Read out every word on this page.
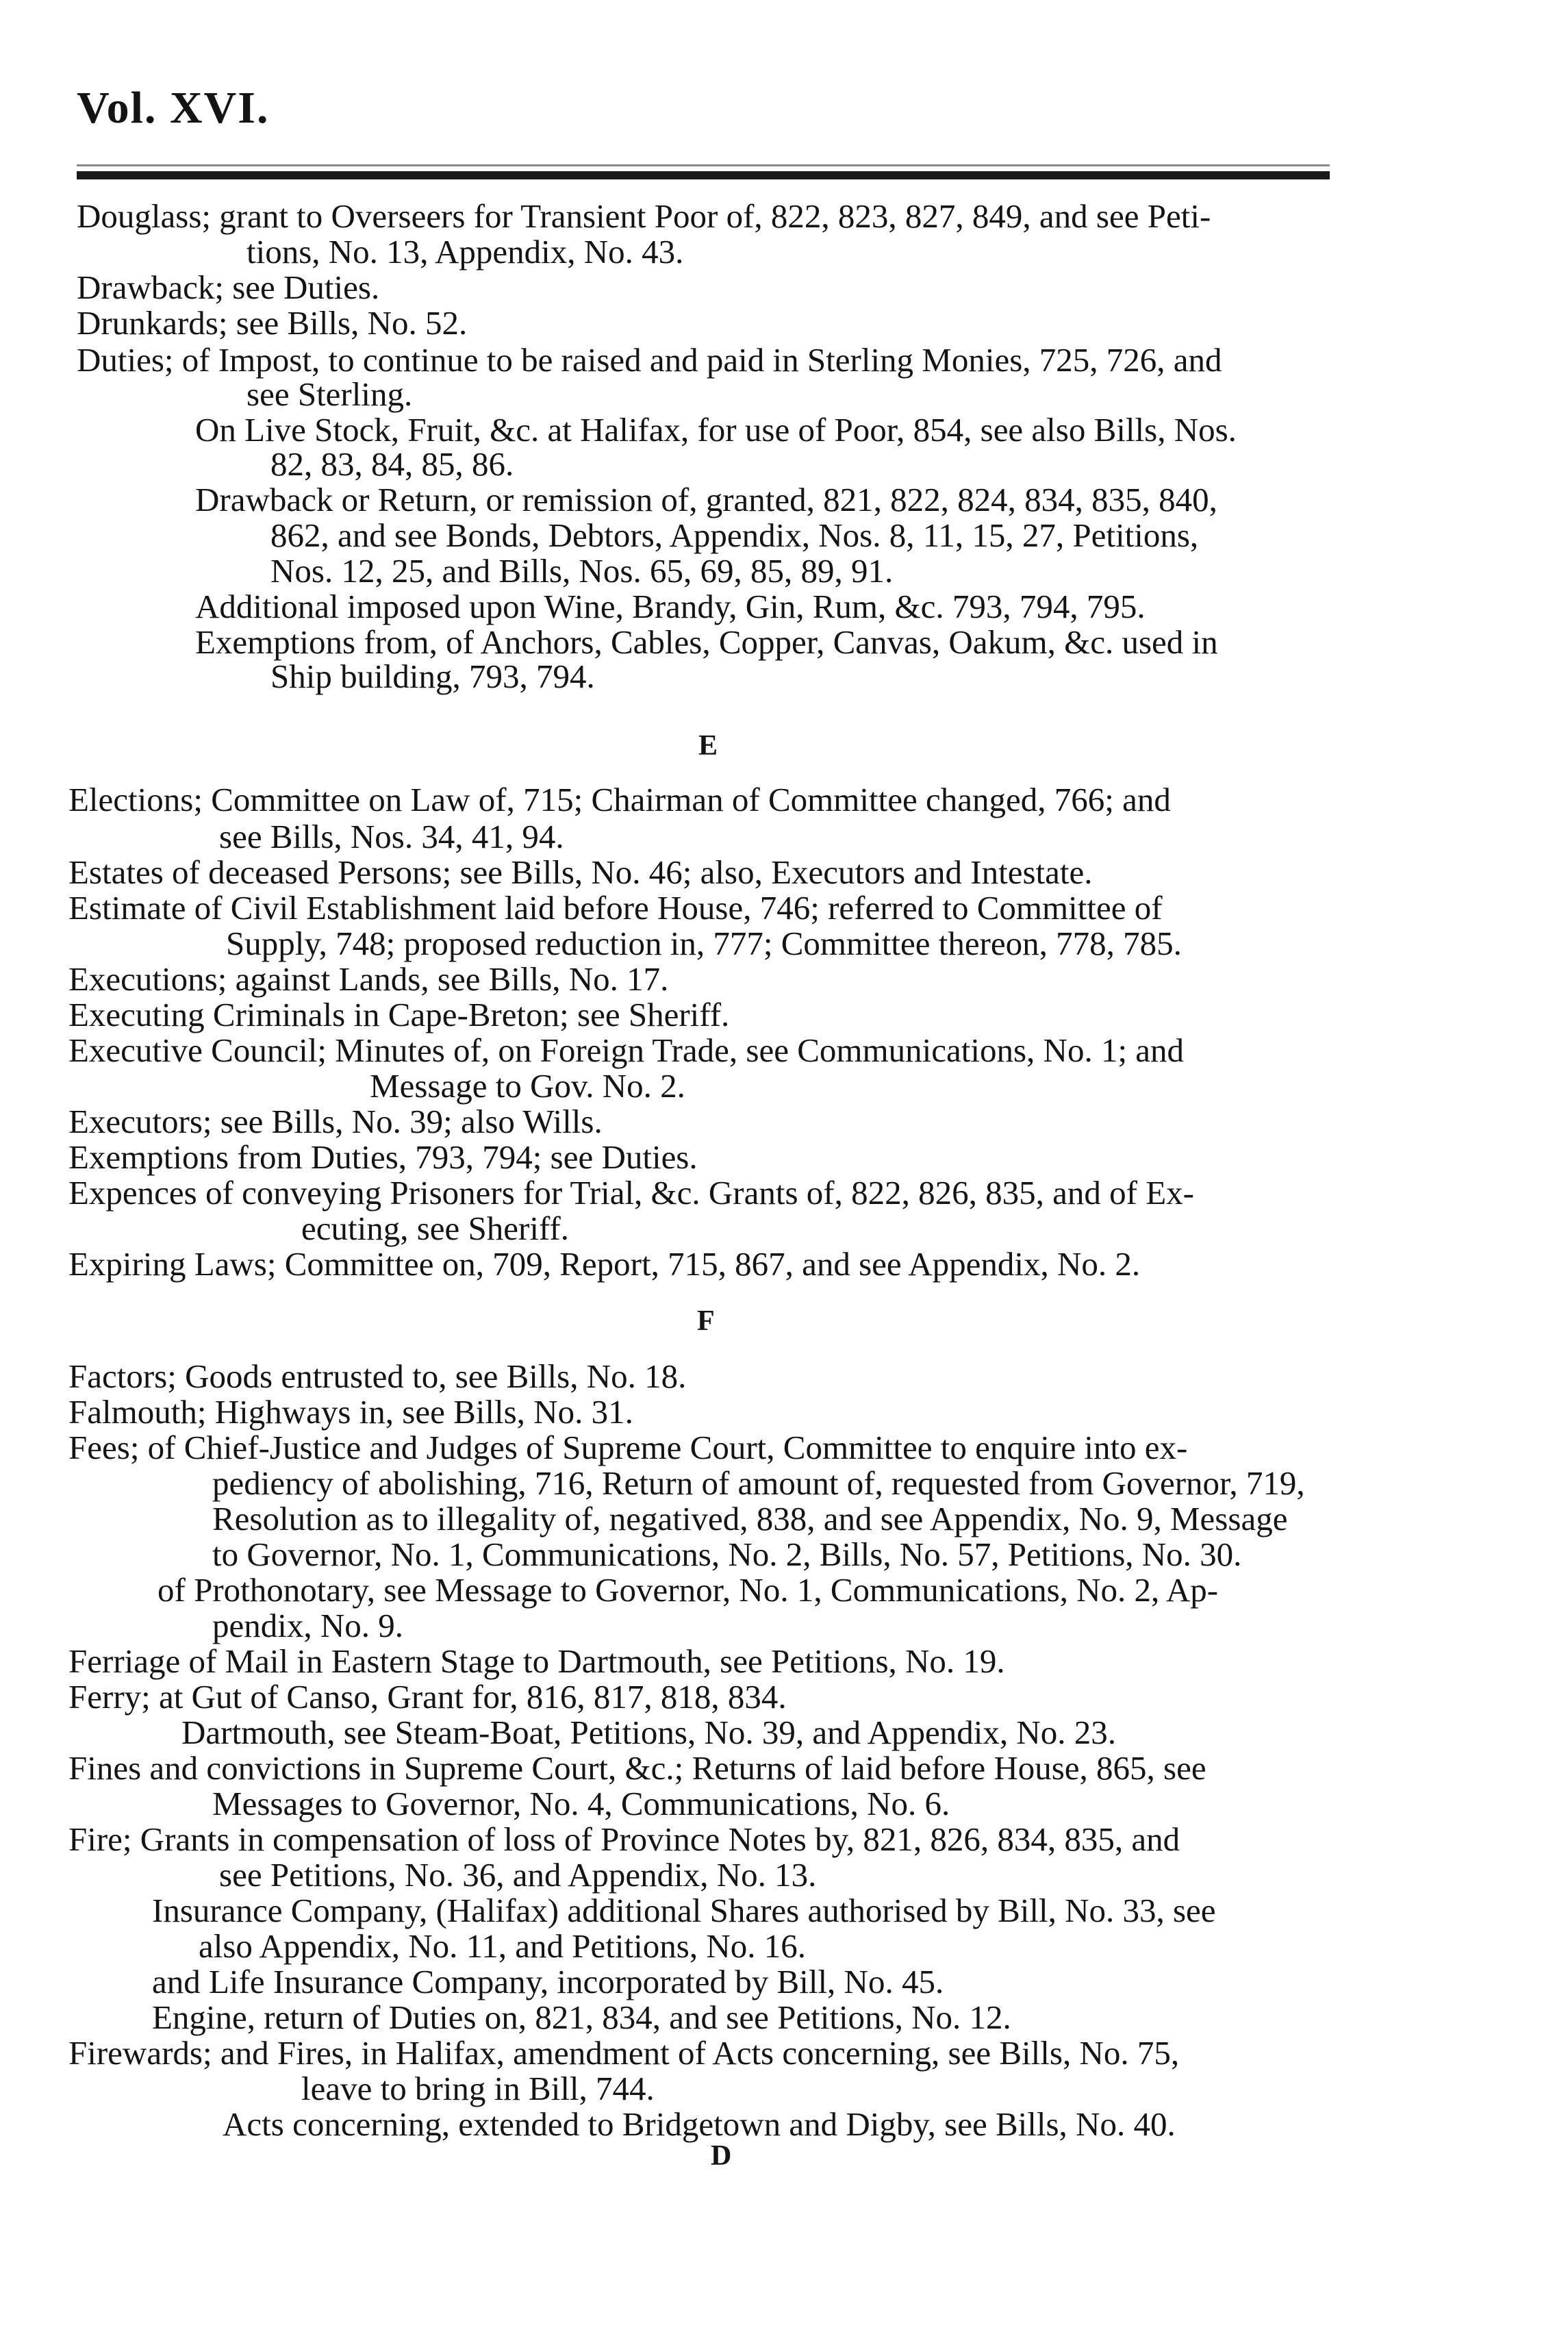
Vol. XVI.
Douglass; grant to Overseers for Transient Poor of, 822, 823, 827, 849, and see Peti-
tions, No. 13, Appendix, No. 43.
Drawback; see Duties.
Drunkards; see Bills, No. 52.
Duties; of Impost, to continue to be raised and paid in Sterling Monies, 725, 726, and
see Sterling.
On Live Stock, Fruit, &c. at Halifax, for use of Poor, 854, see also Bills, Nos.
82, 83, 84, 85, 86.
Drawback or Return, or remission of, granted, 821, 822, 824, 834, 835, 840,
862, and see Bonds, Debtors, Appendix, Nos. 8, 11, 15, 27, Petitions,
Nos. 12, 25, and Bills, Nos. 65, 69, 85, 89, 91.
Additional imposed upon Wine, Brandy, Gin, Rum, &c. 793, 794, 795.
Exemptions from, of Anchors, Cables, Copper, Canvas, Oakum, &c. used in
Ship building, 793, 794.
E
Elections; Committee on Law of, 715; Chairman of Committee changed, 766; and
see Bills, Nos. 34, 41, 94.
Estates of deceased Persons; see Bills, No. 46; also, Executors and Intestate.
Estimate of Civil Establishment laid before House, 746; referred to Committee of
Supply, 748; proposed reduction in, 777; Committee thereon, 778, 785.
Executions; against Lands, see Bills, No. 17.
Executing Criminals in Cape-Breton; see Sheriff.
Executive Council; Minutes of, on Foreign Trade, see Communications, No. 1; and
Message to Gov. No. 2.
Executors; see Bills, No. 39; also Wills.
Exemptions from Duties, 793, 794; see Duties.
Expences of conveying Prisoners for Trial, &c. Grants of, 822, 826, 835, and of Ex-
ecuting, see Sheriff.
Expiring Laws; Committee on, 709, Report, 715, 867, and see Appendix, No. 2.
F
Factors; Goods entrusted to, see Bills, No. 18.
Falmouth; Highways in, see Bills, No. 31.
Fees; of Chief-Justice and Judges of Supreme Court, Committee to enquire into ex-
pediency of abolishing, 716, Return of amount of, requested from Governor, 719,
Resolution as to illegality of, negatived, 838, and see Appendix, No. 9, Message
to Governor, No. 1, Communications, No. 2, Bills, No. 57, Petitions, No. 30.
of Prothonotary, see Message to Governor, No. 1, Communications, No. 2, Ap-
pendix, No. 9.
Ferriage of Mail in Eastern Stage to Dartmouth, see Petitions, No. 19.
Ferry; at Gut of Canso, Grant for, 816, 817, 818, 834.
Dartmouth, see Steam-Boat, Petitions, No. 39, and Appendix, No. 23.
Fines and convictions in Supreme Court, &c.; Returns of laid before House, 865, see
Messages to Governor, No. 4, Communications, No. 6.
Fire; Grants in compensation of loss of Province Notes by, 821, 826, 834, 835, and
see Petitions, No. 36, and Appendix, No. 13.
Insurance Company, (Halifax) additional Shares authorised by Bill, No. 33, see
also Appendix, No. 11, and Petitions, No. 16.
and Life Insurance Company, incorporated by Bill, No. 45.
Engine, return of Duties on, 821, 834, and see Petitions, No. 12.
Firewards; and Fires, in Halifax, amendment of Acts concerning, see Bills, No. 75,
leave to bring in Bill, 744.
Acts concerning, extended to Bridgetown and Digby, see Bills, No. 40.
D
